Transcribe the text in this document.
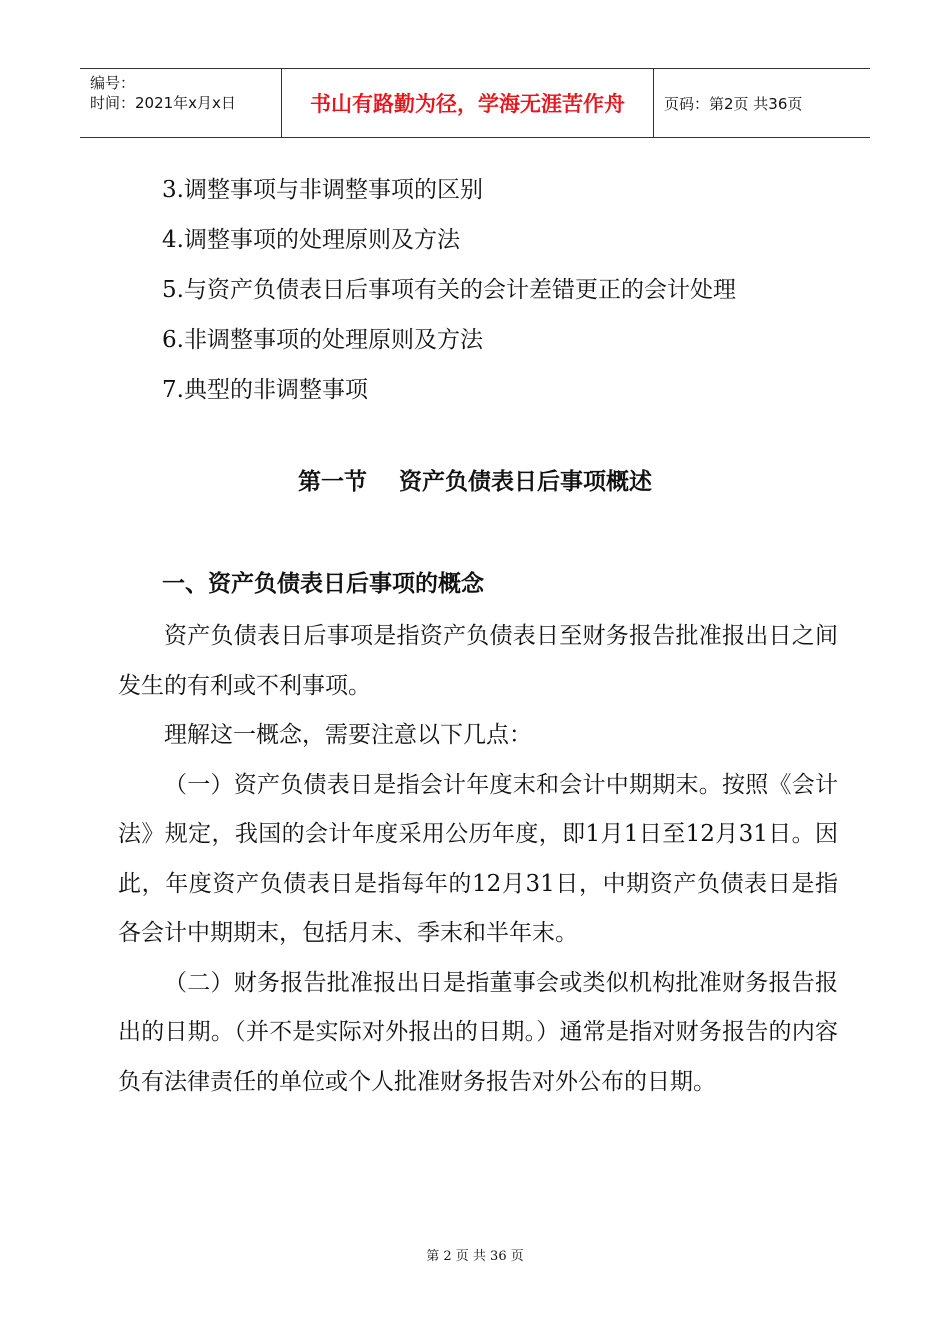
编号：
时间：2021年x月x日	书山有路勤为径，学海无涯苦作舟	页码：第2页 共36页
3.调整事项与非调整事项的区别
4.调整事项的处理原则及方法
5.与资产负债表日后事项有关的会计差错更正的会计处理
6.非调整事项的处理原则及方法
7.典型的非调整事项
第一节    资产负债表日后事项概述
一、资产负债表日后事项的概念

资产负债表日后事项是指资产负债表日至财务报告批准报出日之间发生的有利或不利事项。

理解这一概念，需要注意以下几点：

（一）资产负债表日是指会计年度末和会计中期期末。按照《会计法》规定，我国的会计年度采用公历年度，即1月1日至12月31日。因此，年度资产负债表日是指每年的12月31日，中期资产负债表日是指各会计中期期末，包括月末、季末和半年末。

（二）财务报告批准报出日是指董事会或类似机构批准财务报告报出的日期。（并不是实际对外报出的日期。）通常是指对财务报告的内容负有法律责任的单位或个人批准财务报告对外公布的日期。

第 2 页 共 36 页
